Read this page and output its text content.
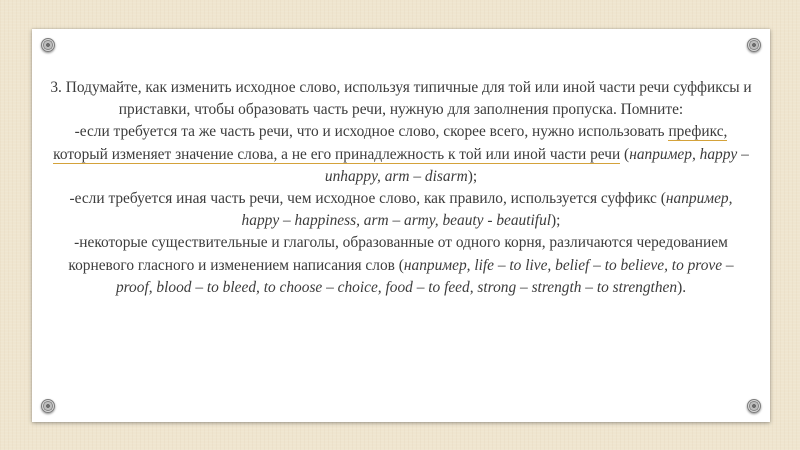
3. Подумайте, как изменить исходное слово, используя типичные для той или иной части речи суффиксы и приставки, чтобы образовать часть речи, нужную для заполнения пропуска. Помните:

-если требуется та же часть речи, что и исходное слово, скорее всего, нужно использовать префикс, который изменяет значение слова, а не его принадлежность к той или иной части речи (например, happy – unhappy, arm – disarm);

-если требуется иная часть речи, чем исходное слово, как правило, используется суффикс (например, happy – happiness, arm – army, beauty - beautiful);

-некоторые существительные и глаголы, образованные от одного корня, различаются чередованием корневого гласного и изменением написания слов (например, life – to live, belief – to believe, to prove – proof, blood – to bleed, to choose – choice, food – to feed, strong – strength – to strengthen).
